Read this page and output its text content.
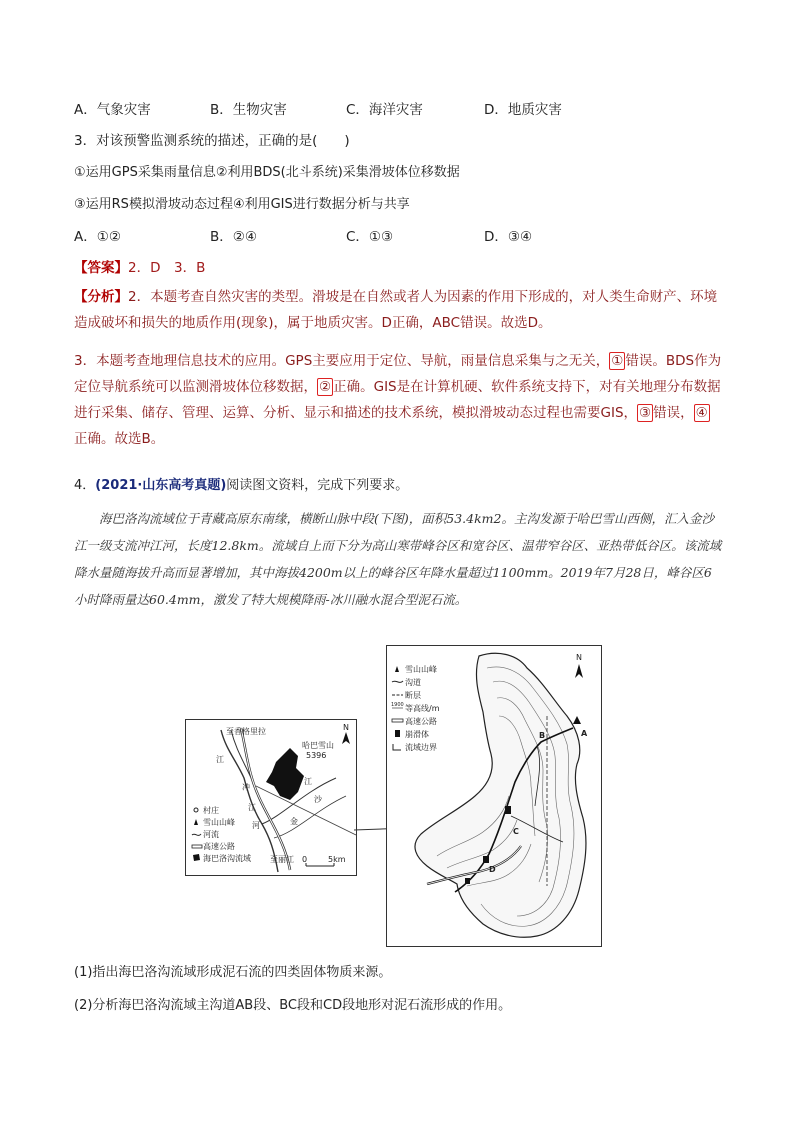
A．气象灾害	B．生物灾害	C．海洋灾害	D．地质灾害
3．对该预警监测系统的描述，正确的是(　　)
①运用GPS采集雨量信息②利用BDS(北斗系统)采集滑坡体位移数据
③运用RS模拟滑坡动态过程④利用GIS进行数据分析与共享
A．①②	B．②④	C．①③	D．③④
【答案】2．D　3．B
【分析】2．本题考查自然灾害的类型。滑坡是在自然或者人为因素的作用下形成的，对人类生命财产、环境造成破坏和损失的地质作用(现象)，属于地质灾害。D正确，ABC错误。故选D。
3．本题考查地理信息技术的应用。GPS主要应用于定位、导航，雨量信息采集与之无关， ① 错误。BDS作为定位导航系统可以监测滑坡体位移数据， ② 正确。GIS是在计算机硬、软件系统支持下，对有关地理分布数据进行采集、储存、管理、运算、分析、显示和描述的技术系统，模拟滑坡动态过程也需要GIS， ③ 错误， ④正确。故选B。
4．(2021·山东高考真题)阅读图文资料，完成下列要求。
海巴洛沟流域位于青藏高原东南缘，横断山脉中段(下图)，面积53.4km2。主沟发源于哈巴雪山西侧，汇入金沙江一级支流冲江河，长度12.8km。流域自上而下分为高山寒带峰谷区和宽谷区、温带窄谷区、亚热带低谷区。该流域降水量随海拔升高而显著增加，其中海拔4200m以上的峰谷区年降水量超过1100mm。2019年7月28日，峰谷区6小时降雨量达60.4mm，激发了特大规模降雨-冰川融水混合型泥石流。
至香格里拉
哈巴雪山
5396
至丽江
江
江
沙
冲
江
河	金
N
村庄
雪山山峰
河流
高速公路
海巴洛沟流域	0	5km
A
B
C
D
N
雪山山峰
沟道
断层
1900 等高线/m
高速公路
崩滑体
流域边界
(1)指出海巴洛沟流域形成泥石流的四类固体物质来源。
(2)分析海巴洛沟流域主沟道AB段、BC段和CD段地形对泥石流形成的作用。
